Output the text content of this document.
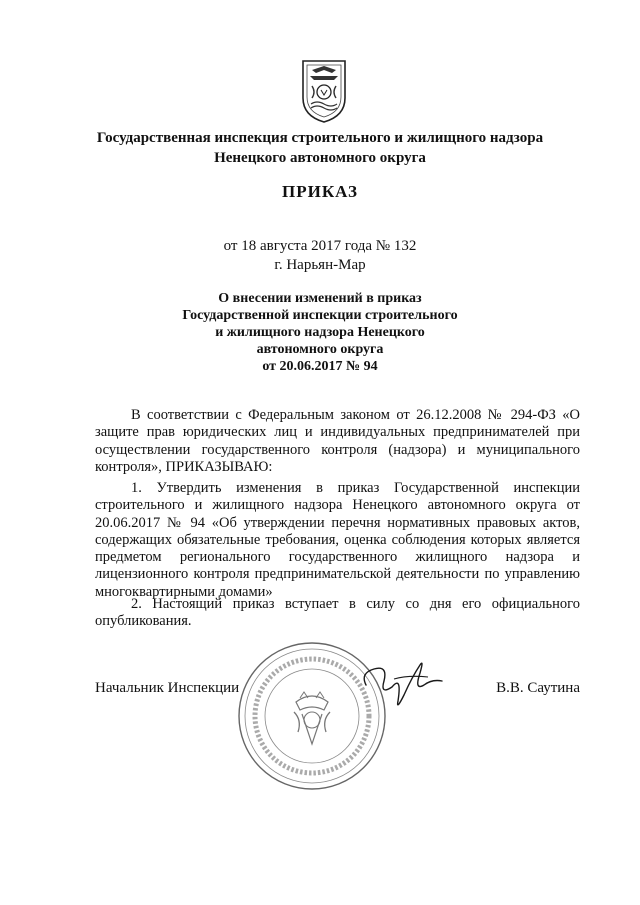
Государственная инспекция строительного и жилищного надзора
Ненецкого автономного округа
ПРИКАЗ
от 18 августа 2017 года № 132
г. Нарьян-Мар
О внесении изменений в приказ
Государственной инспекции строительного
и жилищного надзора Ненецкого
автономного округа
от 20.06.2017 № 94

В соответствии с Федеральным законом от 26.12.2008 № 294-ФЗ «О защите прав юридических лиц и индивидуальных предпринимателей при осуществлении государственного контроля (надзора) и муниципального контроля», ПРИКАЗЫВАЮ:

1. Утвердить изменения в приказ Государственной инспекции строительного и жилищного надзора Ненецкого автономного округа от 20.06.2017 № 94 «Об утверждении перечня нормативных правовых актов, содержащих обязательные требования, оценка соблюдения которых является предметом регионального государственного жилищного надзора и лицензионного контроля предпринимательской деятельности по управлению многоквартирными домами»

2. Настоящий приказ вступает в силу со дня его официального опубликования.

Начальник Инспекции	В.В. Саутина
